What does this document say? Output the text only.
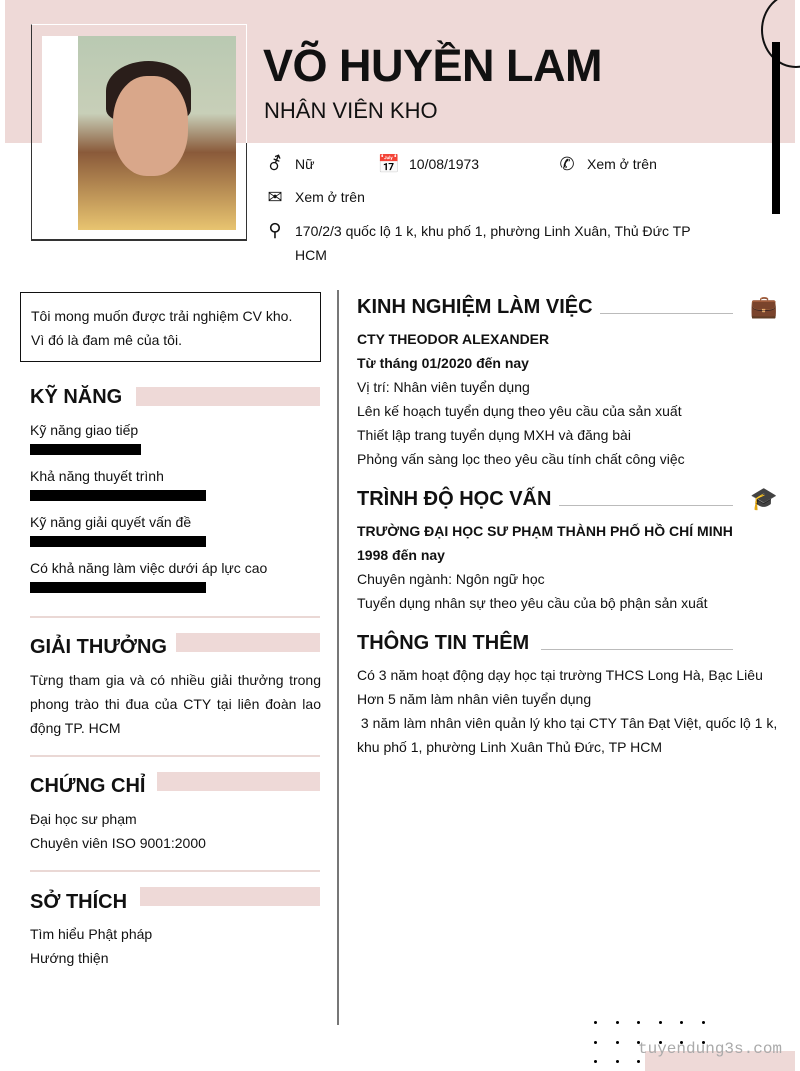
VÕ HUYỀN LAM
NHÂN VIÊN KHO
⚦ Nữ	📅 10/08/1973	✆ Xem ở trên
✉ Xem ở trên
⚲ 170/2/3 quốc lộ 1 k, khu phố 1, phường Linh Xuân, Thủ Đức TP
HCM
Tôi mong muốn được trải nghiệm CV kho.
Vì đó là đam mê của tôi.
KỸ NĂNG
Kỹ năng giao tiếp
Khả năng thuyết trình
Kỹ năng giải quyết vấn đề
Có khả năng làm việc dưới áp lực cao
GIẢI THƯỞNG
Từng tham gia và có nhiều giải thưởng trong phong trào thi đua của CTY tại liên đoàn lao động TP. HCM
CHỨNG CHỈ
Đại học sư phạm
Chuyên viên ISO 9001:2000
SỞ THÍCH
Tìm hiểu Phật pháp
Hướng thiện
KINH NGHIỆM LÀM VIỆC	💼
CTY THEODOR ALEXANDER
Từ tháng 01/2020 đến nay
Vị trí: Nhân viên tuyển dụng
Lên kế hoạch tuyển dụng theo yêu cầu của sản xuất
Thiết lập trang tuyển dụng MXH và đăng bài
Phỏng vấn sàng lọc theo yêu cầu tính chất công việc
TRÌNH ĐỘ HỌC VẤN	🎓
TRƯỜNG ĐẠI HỌC SƯ PHẠM THÀNH PHỐ HỒ CHÍ MINH
1998 đến nay
Chuyên ngành: Ngôn ngữ học
Tuyển dụng nhân sự theo yêu cầu của bộ phận sản xuất
THÔNG TIN THÊM
Có 3 năm hoạt động dạy học tại trường THCS Long Hà, Bạc Liêu
Hơn 5 năm làm nhân viên tuyển dụng
3 năm làm nhân viên quản lý kho tại CTY Tân Đạt Việt, quốc lộ 1 k,
khu phố 1, phường Linh Xuân Thủ Đức, TP HCM
tuyendung3s.com
